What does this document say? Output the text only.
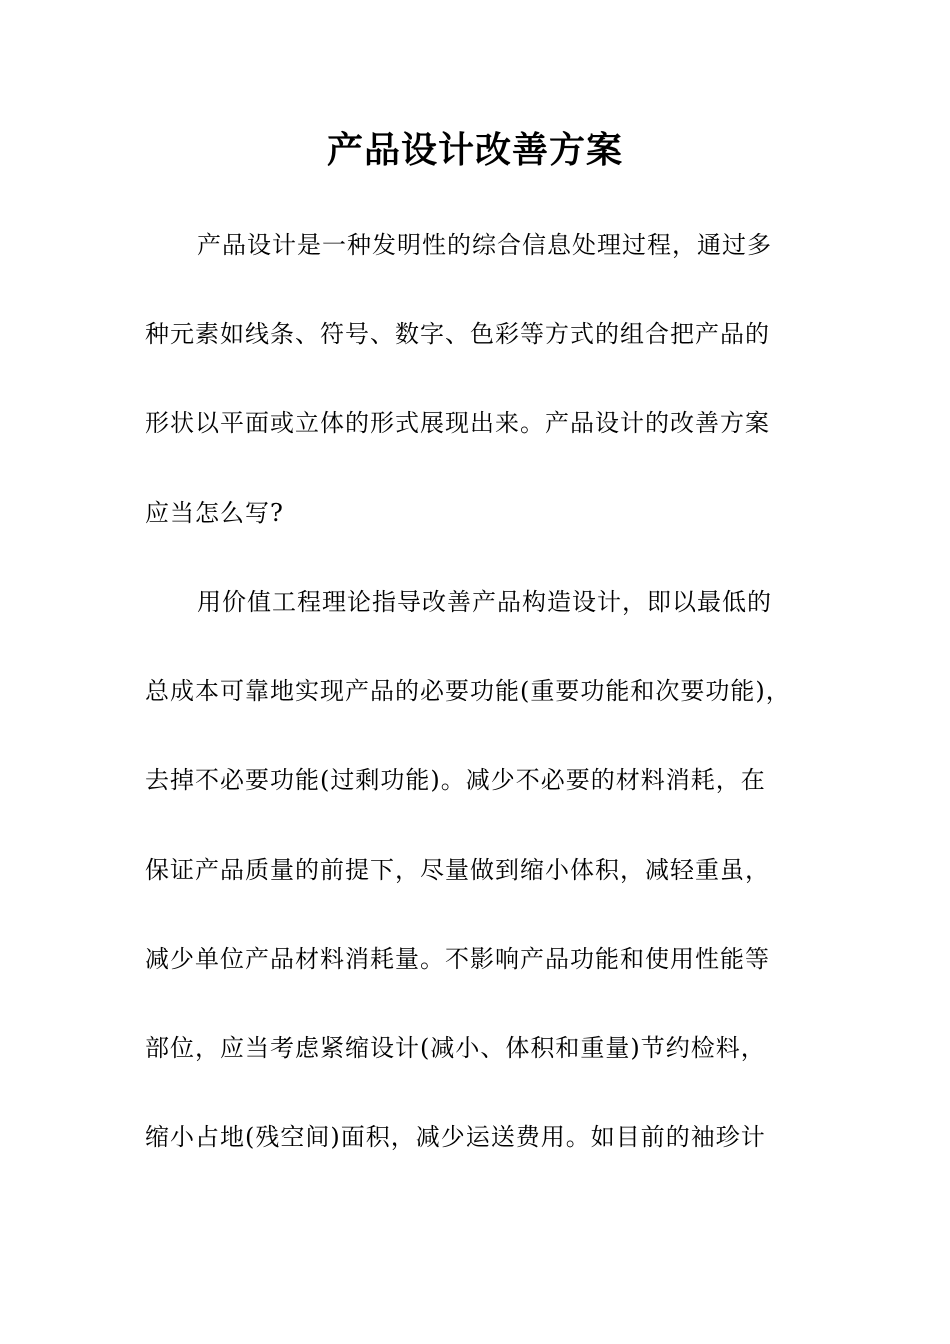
产品设计改善方案
产品设计是一种发明性的综合信息处理过程，通过多
种元素如线条、符号、数字、色彩等方式的组合把产品的
形状以平面或立体的形式展现出来。产品设计的改善方案
应当怎么写?
用价值工程理论指导改善产品构造设计，即以最低的
总成本可靠地实现产品的必要功能(重要功能和次要功能)，
去掉不必要功能(过剩功能)。减少不必要的材料消耗，在
保证产品质量的前提下，尽量做到缩小体积，减轻重虽，
减少单位产品材料消耗量。不影响产品功能和使用性能等
部位，应当考虑紧缩设计(减小、体积和重量)节约检料，
缩小占地(残空间)面积，减少运送费用。如目前的袖珍计
